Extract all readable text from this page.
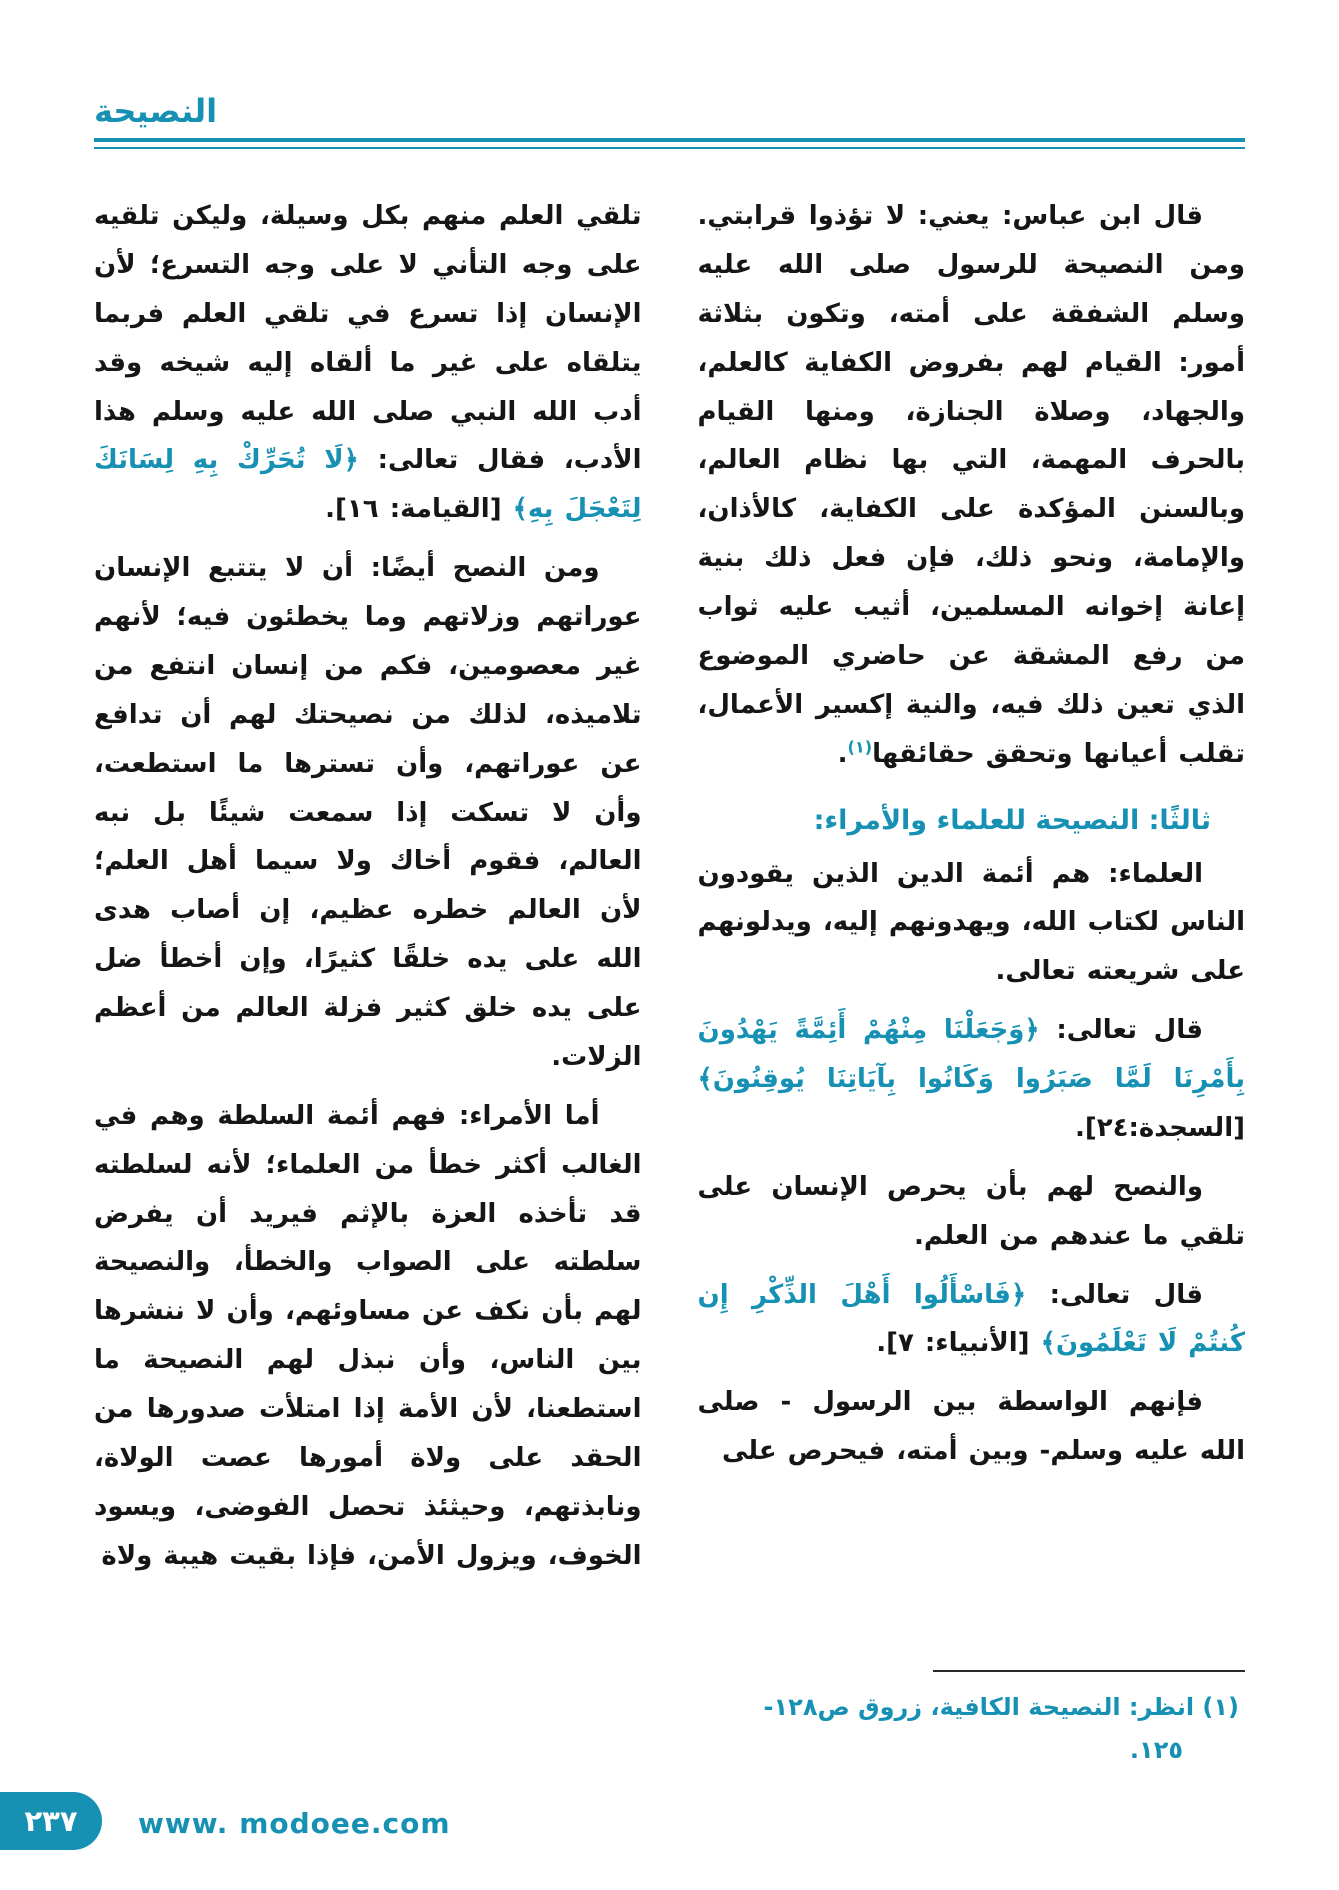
النصيحة

قال ابن عباس: يعني: لا تؤذوا قرابتي. ومن النصيحة للرسول صلى الله عليه وسلم الشفقة على أمته، وتكون بثلاثة أمور: القيام لهم بفروض الكفاية كالعلم، والجهاد، وصلاة الجنازة، ومنها القيام بالحرف المهمة، التي بها نظام العالم، وبالسنن المؤكدة على الكفاية، كالأذان، والإمامة، ونحو ذلك، فإن فعل ذلك بنية إعانة إخوانه المسلمين، أثيب عليه ثواب من رفع المشقة عن حاضري الموضوع الذي تعين ذلك فيه، والنية إكسير الأعمال، تقلب أعيانها وتحقق حقائقها$^{(١)}$.

ثالثًا: النصيحة للعلماء والأمراء:

العلماء: هم أئمة الدين الذين يقودون الناس لكتاب الله، ويهدونهم إليه، ويدلونهم على شريعته تعالى.

قال تعالى: ﴿وَجَعَلْنَا مِنْهُمْ أَئِمَّةً يَهْدُونَ بِأَمْرِنَا لَمَّا صَبَرُوا وَكَانُوا بِآيَاتِنَا يُوقِنُونَ﴾ [السجدة:٢٤].

والنصح لهم بأن يحرص الإنسان على تلقي ما عندهم من العلم.

قال تعالى: ﴿فَاسْأَلُوا أَهْلَ الذِّكْرِ إِن كُنتُمْ لَا تَعْلَمُونَ﴾ [الأنبياء: ٧].

فإنهم الواسطة بين الرسول - صلى الله عليه وسلم- وبين أمته، فيحرص على

(١) انظر: النصيحة الكافية، زروق ص١٢٨-
١٢٥.

تلقي العلم منهم بكل وسيلة، وليكن تلقيه على وجه التأني لا على وجه التسرع؛ لأن الإنسان إذا تسرع في تلقي العلم فربما يتلقاه على غير ما ألقاه إليه شيخه وقد أدب الله النبي صلى الله عليه وسلم هذا الأدب، فقال تعالى: ﴿لَا تُحَرِّكْ بِهِ لِسَانَكَ لِتَعْجَلَ بِهِ﴾ [القيامة: ١٦].

ومن النصح أيضًا: أن لا يتتبع الإنسان عوراتهم وزلاتهم وما يخطئون فيه؛ لأنهم غير معصومين، فكم من إنسان انتفع من تلاميذه، لذلك من نصيحتك لهم أن تدافع عن عوراتهم، وأن تسترها ما استطعت، وأن لا تسكت إذا سمعت شيئًا بل نبه العالم، فقوم أخاك ولا سيما أهل العلم؛ لأن العالم خطره عظيم، إن أصاب هدى الله على يده خلقًا كثيرًا، وإن أخطأ ضل على يده خلق كثير فزلة العالم من أعظم الزلات.

أما الأمراء: فهم أئمة السلطة وهم في الغالب أكثر خطأ من العلماء؛ لأنه لسلطته قد تأخذه العزة بالإثم فيريد أن يفرض سلطته على الصواب والخطأ، والنصيحة لهم بأن نكف عن مساوئهم، وأن لا ننشرها بين الناس، وأن نبذل لهم النصيحة ما استطعنا، لأن الأمة إذا امتلأت صدورها من الحقد على ولاة أمورها عصت الولاة، ونابذتهم، وحيثئذ تحصل الفوضى، ويسود الخوف، ويزول الأمن، فإذا بقيت هيبة ولاة

٢٣٧ www. modoee.com
